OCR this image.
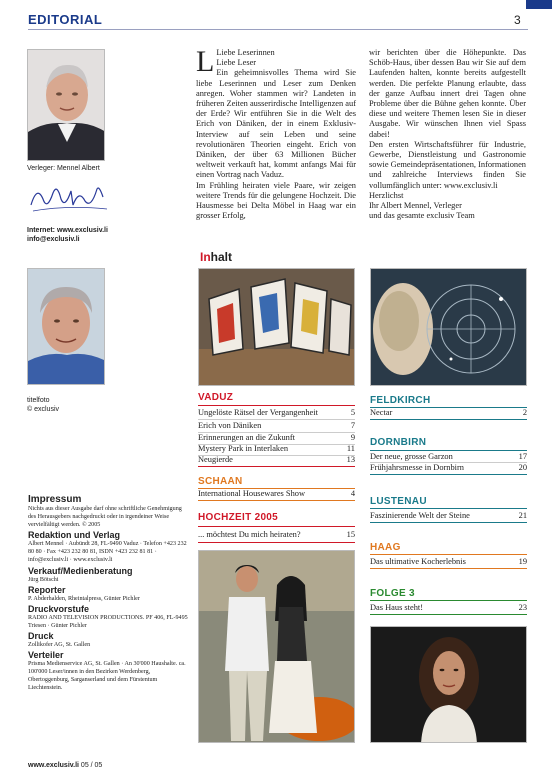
EDITORIAL	3
Verleger: Mennel Albert
Internet: www.exclusiv.li
info@exclusiv.li
titelfoto
© exclusiv

L Liebe Leserinnen

Liebe Leser

Ein geheimnisvolles Thema wird Sie liebe Leserinnen und Leser zum Denken anregen. Woher stammen wir? Landeten in früheren Zeiten ausserirdische Intelligenzen auf der Erde? Wir entführen Sie in die Welt des Erich von Däniken, der in einem Exklusiv-Interview auf sein Leben und seine revolutionären Theorien eingeht. Erich von Däniken, der über 63 Millionen Bücher weltweit verkauft hat, kommt anfangs Mai für einen Vortrag nach Vaduz.

Im Frühling heiraten viele Paare, wir zeigen weitere Trends für die gelungene Hochzeit. Die Hausmesse bei Delta Möbel in Haag war ein grosser Erfolg,

wir berichten über die Höhepunkte. Das Schöb-Haus, über dessen Bau wir Sie auf dem Laufenden halten, konnte bereits aufgestellt werden. Die perfekte Planung erlaubte, dass der ganze Aufbau innert drei Tagen ohne Probleme über die Bühne gehen konnte. Über diese und weitere Themen lesen Sie in dieser Ausgabe. Wir wünschen Ihnen viel Spass dabei!

Den ersten Wirtschaftsführer für Industrie, Gewerbe, Dienstleistung und Gastronomie sowie Gemeindepräsentationen, Informationen und zahlreiche Interviews finden Sie vollumfänglich unter: www.exclusiv.li

Herzlichst

Ihr Albert Mennel, Verleger

und das gesamte exclusiv Team

Inhalt
VADUZ
Ungelöste Rätsel der Vergangenheit	5
Erich von Däniken	7
Erinnerungen an die Zukunft	9
Mystery Park in Interlaken	11
Neugierde	13
SCHAAN
International Housewares Show	4
HOCHZEIT 2005
... möchtest Du mich heiraten?	15
FELDKIRCH
Nectar	2
DORNBIRN
Der neue, grosse Garzon	17
Frühjahrsmesse in Dornbirn	20
LUSTENAU
Faszinierende Welt der Steine	21
HAAG
Das ultimative Kocherlebnis	19
FOLGE 3
Das Haus steht!	23
Impressum
Nichts aus dieser Ausgabe darf ohne schriftliche Genehmigung des Herausgebers nachgedruckt oder in irgendeiner Weise vervielfältigt werden. © 2005
Redaktion und Verlag
Albert Mennel · Aubündt 28, FL-9490 Vaduz · Telefon +423 232 80 80 · Fax +423 232 80 81, ISDN +423 232 81 81 · info@exclusiv.li · www.exclusiv.li
Verkauf/Medienberatung
Jürg Bötschi
Reporter
P. Abderhalden, Rheintalpress, Günter Pichler
Druckvorstufe
RADIO AND TELEVISION PRODUCTIONS. PF 406, FL-9495 Triesen · Günter Pichler
Druck
Zollikofer AG, St. Gallen
Verteiler
Prisma Medienservice AG, St. Gallen · An 30'000 Haushalte. ca. 100'000 Leser/innen in den Bezirken Werdenberg, Obertoggenburg, Sarganserland und dem Fürstentum Liechtenstein.
www.exclusiv.li 05 / 05
